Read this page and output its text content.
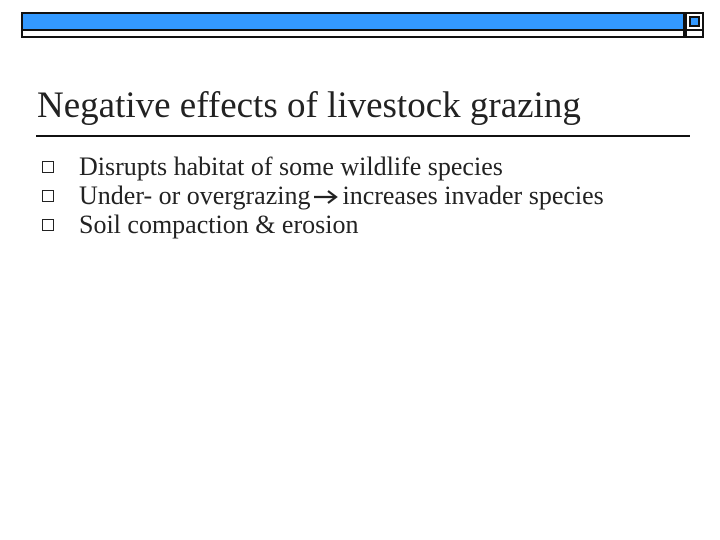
Negative effects of livestock grazing
Disrupts habitat of some wildlife species
Under- or overgrazing increases invader species
Soil compaction & erosion
